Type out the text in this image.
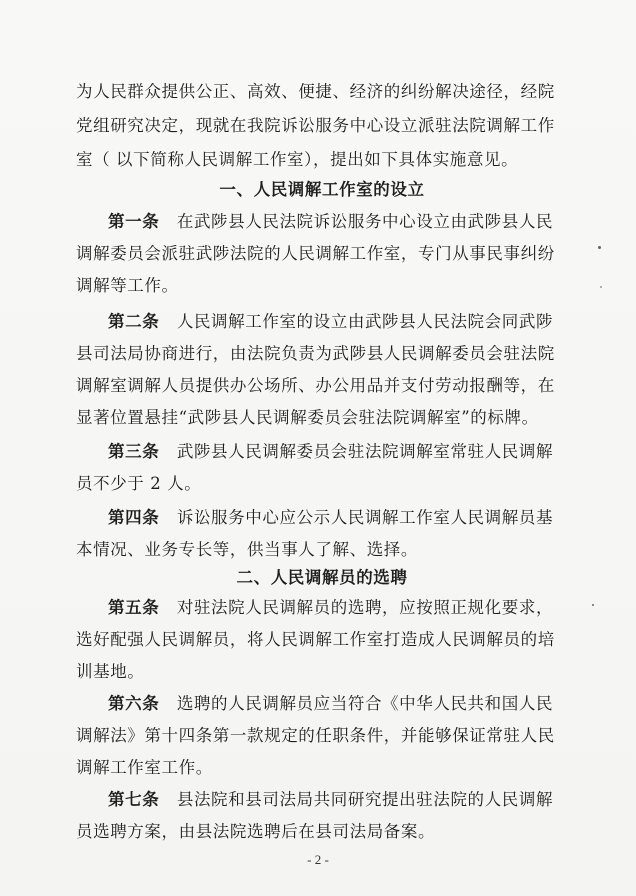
为人民群众提供公正、高效、便捷、经济的纠纷解决途径，经院
党组研究决定，现就在我院诉讼服务中心设立派驻法院调解工作
室（ 以下简称人民调解工作室），提出如下具体实施意见。
一、人民调解工作室的设立
第一条 在武陟县人民法院诉讼服务中心设立由武陟县人民
调解委员会派驻武陟法院的人民调解工作室，专门从事民事纠纷
调解等工作。
第二条 人民调解工作室的设立由武陟县人民法院会同武陟
县司法局协商进行，由法院负责为武陟县人民调解委员会驻法院
调解室调解人员提供办公场所、办公用品并支付劳动报酬等，在
显著位置悬挂“武陟县人民调解委员会驻法院调解室”的标牌。
第三条 武陟县人民调解委员会驻法院调解室常驻人民调解
员不少于 2 人。
第四条 诉讼服务中心应公示人民调解工作室人民调解员基
本情况、业务专长等，供当事人了解、选择。
二、人民调解员的选聘
第五条 对驻法院人民调解员的选聘，应按照正规化要求，
选好配强人民调解员，将人民调解工作室打造成人民调解员的培
训基地。
第六条 选聘的人民调解员应当符合《中华人民共和国人民
调解法》第十四条第一款规定的任职条件，并能够保证常驻人民
调解工作室工作。
第七条 县法院和县司法局共同研究提出驻法院的人民调解
员选聘方案，由县法院选聘后在县司法局备案。
- 2 -
